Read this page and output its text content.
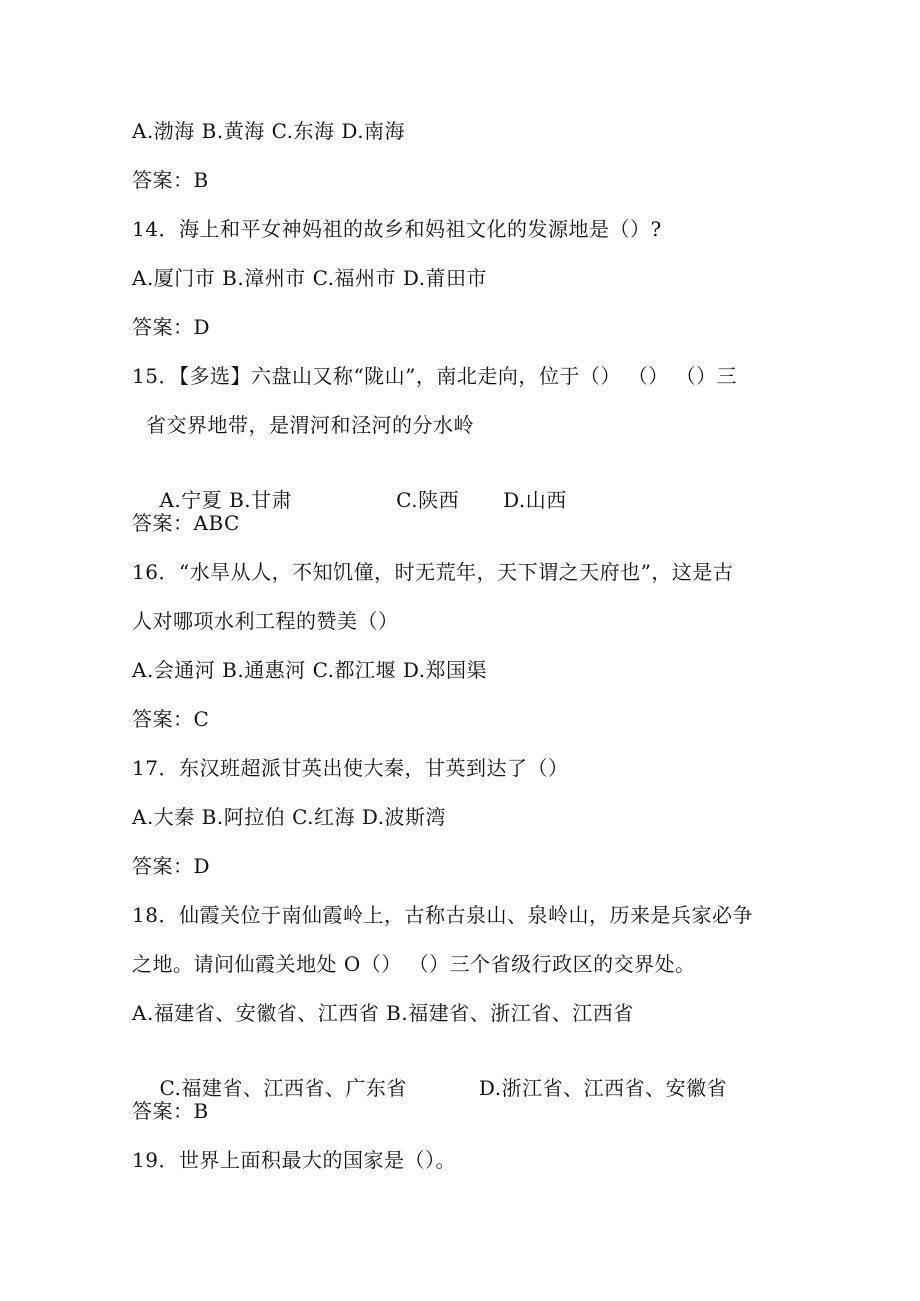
A.渤海 B.黄海 C.东海 D.南海
答案：B
14．海上和平女神妈祖的故乡和妈祖文化的发源地是（）?
A.厦门市 B.漳州市 C.福州市 D.莆田市
答案：D
15．【多选】六盘山又称“陇山”，南北走向，位于（） （） （）三
省交界地带，是渭河和泾河的分水岭

A.宁夏 B.甘肃	C.陕西 D.山西

答案：ABC
16．“水旱从人，不知饥僮，时无荒年，天下谓之天府也”，这是古
人对哪项水利工程的赞美（）
A.会通河 B.通惠河 C.都江堰 D.郑国渠
答案：C
17．东汉班超派甘英出使大秦，甘英到达了（）
A.大秦 B.阿拉伯 C.红海 D.波斯湾
答案：D
18．仙霞关位于南仙霞岭上，古称古泉山、泉岭山，历来是兵家必争
之地。请问仙霞关地处 O（） （）三个省级行政区的交界处。
A.福建省、安徽省、江西省 B.福建省、浙江省、江西省

C.福建省、江西省、广东省	D.浙江省、江西省、安徽省

答案：B
19．世界上面积最大的国家是（）。
